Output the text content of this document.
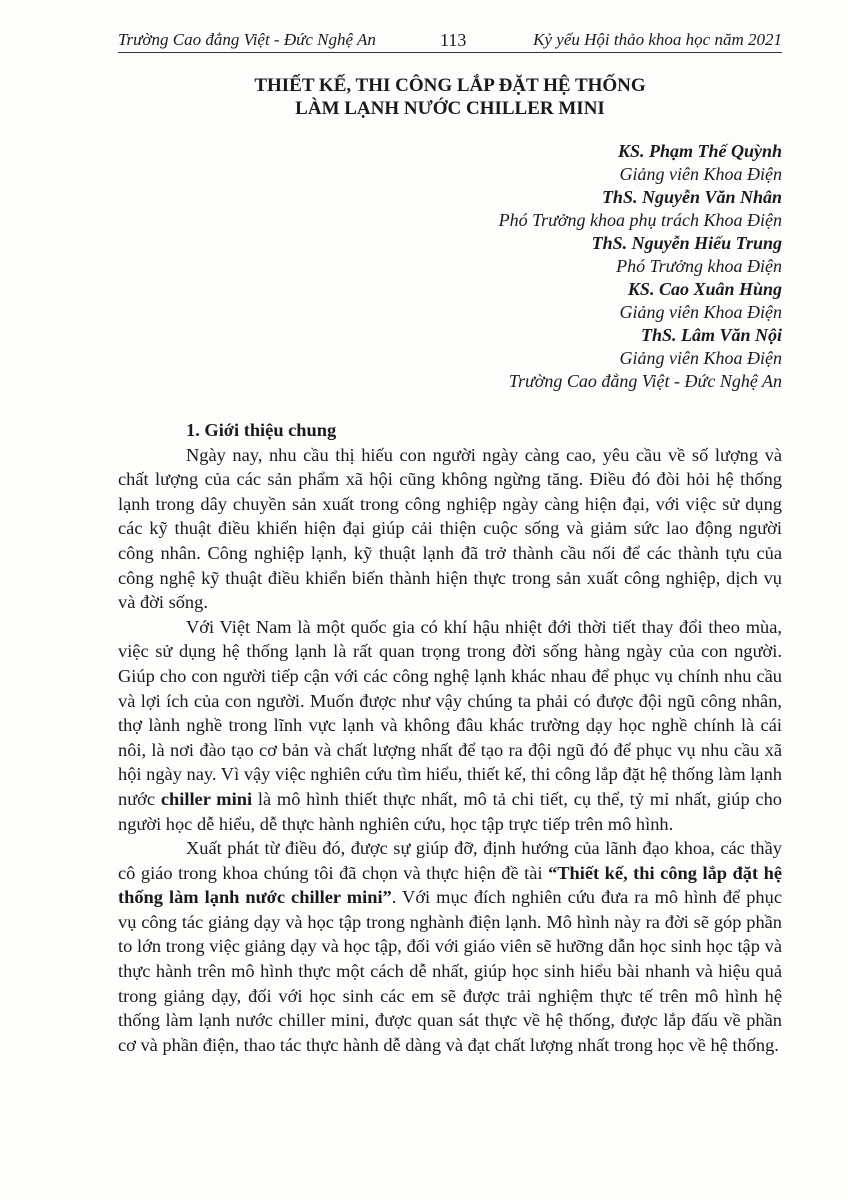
Trường Cao đẳng Việt - Đức Nghệ An	113	Kỷ yếu Hội thảo khoa học năm 2021
THIẾT KẾ, THI CÔNG LẮP ĐẶT HỆ THỐNG
LÀM LẠNH NƯỚC CHILLER MINI
KS. Phạm Thế Quỳnh
Giảng viên Khoa Điện
ThS. Nguyễn Văn Nhân
Phó Trưởng khoa phụ trách Khoa Điện
ThS. Nguyễn Hiếu Trung
Phó Trưởng khoa Điện
KS. Cao Xuân Hùng
Giảng viên Khoa Điện
ThS. Lâm Văn Nội
Giảng viên Khoa Điện
Trường Cao đẳng Việt - Đức Nghệ An
1. Giới thiệu chung

Ngày nay, nhu cầu thị hiếu con người ngày càng cao, yêu cầu về số lượng và chất lượng của các sản phẩm xã hội cũng không ngừng tăng. Điều đó đòi hỏi hệ thống lạnh trong dây chuyền sản xuất trong công nghiệp ngày càng hiện đại, với việc sử dụng các kỹ thuật điều khiển hiện đại giúp cải thiện cuộc sống và giảm sức lao động người công nhân. Công nghiệp lạnh, kỹ thuật lạnh đã trở thành cầu nối để các thành tựu của công nghệ kỹ thuật điều khiển biến thành hiện thực trong sản xuất công nghiệp, dịch vụ và đời sống.

Với Việt Nam là một quốc gia có khí hậu nhiệt đới thời tiết thay đổi theo mùa, việc sử dụng hệ thống lạnh là rất quan trọng trong đời sống hàng ngày của con người. Giúp cho con người tiếp cận với các công nghệ lạnh khác nhau để phục vụ chính nhu cầu và lợi ích của con người. Muốn được như vậy chúng ta phải có được đội ngũ công nhân, thợ lành nghề trong lĩnh vực lạnh và không đâu khác trường dạy học nghề chính là cái nôi, là nơi đào tạo cơ bản và chất lượng nhất để tạo ra đội ngũ đó để phục vụ nhu cầu xã hội ngày nay. Vì vậy việc nghiên cứu tìm hiểu, thiết kế, thi công lắp đặt hệ thống làm lạnh nước chiller mini là mô hình thiết thực nhất, mô tả chi tiết, cụ thể, tỷ mỉ nhất, giúp cho người học dễ hiểu, dễ thực hành nghiên cứu, học tập trực tiếp trên mô hình.

Xuất phát từ điều đó, được sự giúp đỡ, định hướng của lãnh đạo khoa, các thầy cô giáo trong khoa chúng tôi đã chọn và thực hiện đề tài “Thiết kế, thi công lắp đặt hệ thống làm lạnh nước chiller mini”. Với mục đích nghiên cứu đưa ra mô hình để phục vụ công tác giảng dạy và học tập trong nghành điện lạnh. Mô hình này ra đời sẽ góp phần to lớn trong việc giảng dạy và học tập, đối với giáo viên sẽ hưỡng dẫn học sinh học tập và thực hành trên mô hình thực một cách dễ nhất, giúp học sinh hiểu bài nhanh và hiệu quả trong giảng dạy, đối với học sinh các em sẽ được trải nghiệm thực tế trên mô hình hệ thống làm lạnh nước chiller mini, được quan sát thực về hệ thống, được lắp đấu về phần cơ và phần điện, thao tác thực hành dễ dàng và đạt chất lượng nhất trong học về hệ thống.
